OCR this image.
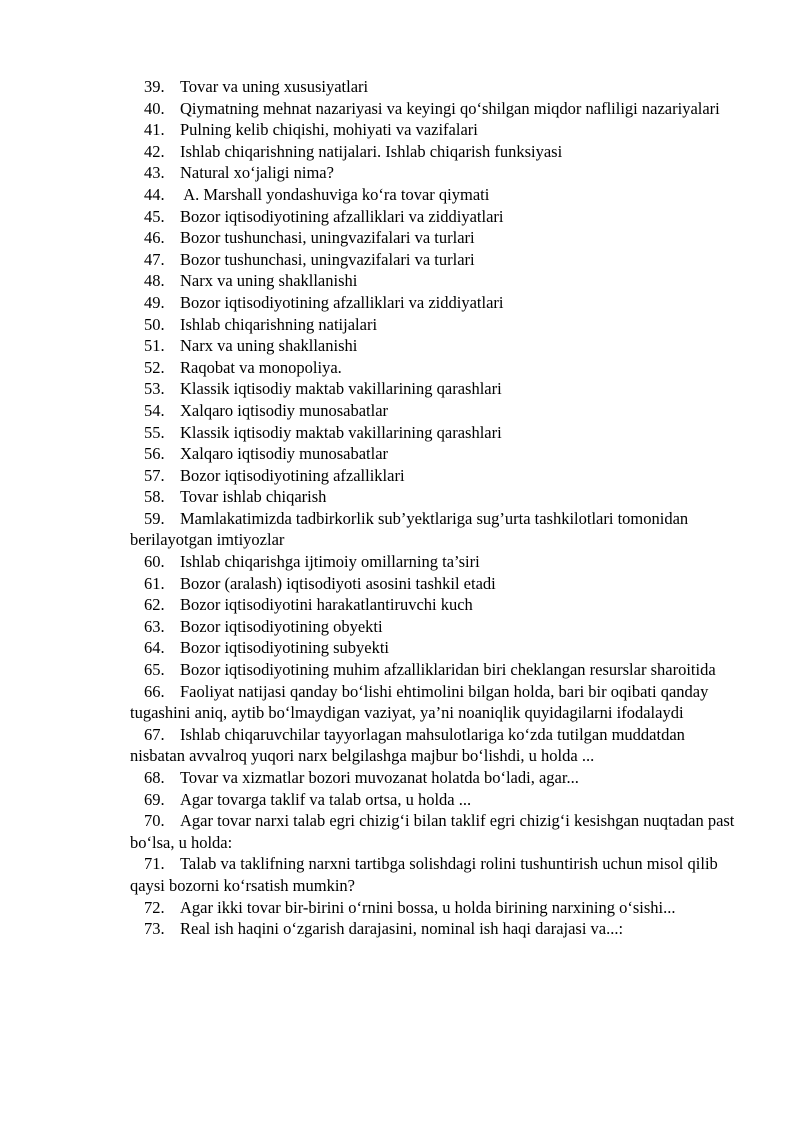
39. Tovar va uning xususiyatlari

40. Qiymatning mehnat nazariyasi va keyingi qo‘shilgan miqdor nafliligi nazariyalari

41. Pulning kelib chiqishi, mohiyati va vazifalari

42. Ishlab chiqarishning natijalari. Ishlab chiqarish funksiyasi

43. Natural xo‘jaligi nima?

44. A. Marshall yondashuviga ko‘ra tovar qiymati

45. Bozor iqtisodiyotining afzalliklari va ziddiyatlari

46. Bozor tushunchasi, uningvazifalari va turlari

47. Bozor tushunchasi, uningvazifalari va turlari

48. Narx va uning shakllanishi

49. Bozor iqtisodiyotining afzalliklari va ziddiyatlari

50. Ishlab chiqarishning natijalari

51. Narx va uning shakllanishi

52. Raqobat va monopoliya.

53. Klassik iqtisodiy maktab vakillarining qarashlari

54. Xalqaro iqtisodiy munosabatlar

55. Klassik iqtisodiy maktab vakillarining qarashlari

56. Xalqaro iqtisodiy munosabatlar

57. Bozor iqtisodiyotining afzalliklari

58. Tovar ishlab chiqarish

59. Mamlakatimizda tadbirkorlik sub’yektlariga sug’urta tashkilotlari tomonidan berilayotgan imtiyozlar

60. Ishlab chiqarishga ijtimoiy omillarning ta’siri

61. Bozor (aralash) iqtisodiyoti asosini tashkil etadi

62. Bozor iqtisodiyotini harakatlantiruvchi kuch

63. Bozor iqtisodiyotining obyekti

64. Bozor iqtisodiyotining subyekti

65. Bozor iqtisodiyotining muhim afzalliklaridan biri cheklangan resurslar sharoitida

66. Faoliyat natijasi qanday bo‘lishi ehtimolini bilgan holda, bari bir oqibati qanday tugashini aniq, aytib bo‘lmaydigan vaziyat, ya’ni noaniqlik quyidagilarni ifodalaydi

67. Ishlab chiqaruvchilar tayyorlagan mahsulotlariga ko‘zda tutilgan muddatdan nisbatan avvalroq yuqori narx belgilashga majbur bo‘lishdi, u holda ...

68. Tovar va xizmatlar bozori muvozanat holatda bo‘ladi, agar...

69. Agar tovarga taklif va talab ortsa, u holda ...

70. Agar tovar narxi talab egri chizig‘i bilan taklif egri chizig‘i kesishgan nuqtadan past bo‘lsa, u holda:

71. Talab va taklifning narxni tartibga solishdagi rolini tushuntirish uchun misol qilib qaysi bozorni ko‘rsatish mumkin?

72. Agar ikki tovar bir-birini o‘rnini bossa, u holda birining narxining o‘sishi...

73. Real ish haqini o‘zgarish darajasini, nominal ish haqi darajasi va...:
